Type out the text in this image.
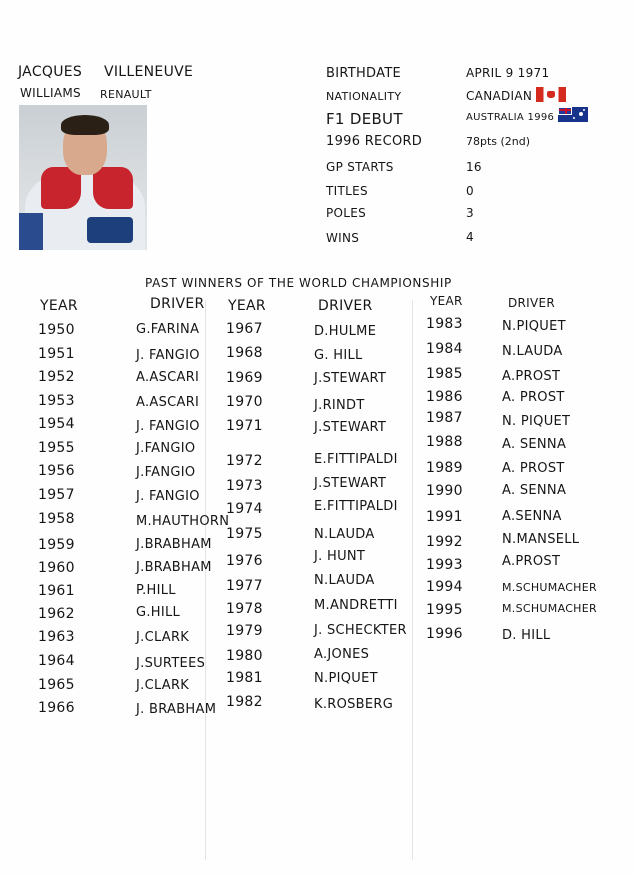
JACQUES VILLENEUVE
WILLIAMS RENAULT
BIRTHDATE	APRIL 9 1971
NATIONALITY	CANADIAN
F1 DEBUT	AUSTRALIA 1996
1996 RECORD	78pts (2nd)
GP STARTS	16
TITLES	0
POLES	3
WINS	4
PAST WINNERS OF THE WORLD CHAMPIONSHIP
YEAR	DRIVER YEAR	DRIVER	YEAR	DRIVER
1950	G.FARINA
1951	J. FANGIO
1952	A.ASCARI
1953	A.ASCARI
1954	J. FANGIO
1955	J.FANGIO
1956	J.FANGIO
1957	J. FANGIO
1958	M.HAUTHORN
1959	J.BRABHAM
1960	J.BRABHAM
1961	P.HILL
1962	G.HILL
1963	J.CLARK
1964	J.SURTEES
1965	J.CLARK
1966	J. BRABHAM
1967	D.HULME
1968	G. HILL
1969	J.STEWART
1970	J.RINDT
1971	J.STEWART
1972	E.FITTIPALDI
1973	J.STEWART
1974	E.FITTIPALDI
1975	N.LAUDA
1976	J. HUNT
1977	N.LAUDA
1978	M.ANDRETTI
1979	J. SCHECKTER
1980	A.JONES
1981	N.PIQUET
1982	K.ROSBERG
1983	N.PIQUET
1984	N.LAUDA
1985	A.PROST
1986	A. PROST
1987	N. PIQUET
1988	A. SENNA
1989	A. PROST
1990	A. SENNA
1991	A.SENNA
1992	N.MANSELL
1993	A.PROST
1994	M.SCHUMACHER
1995	M.SCHUMACHER
1996	D. HILL
